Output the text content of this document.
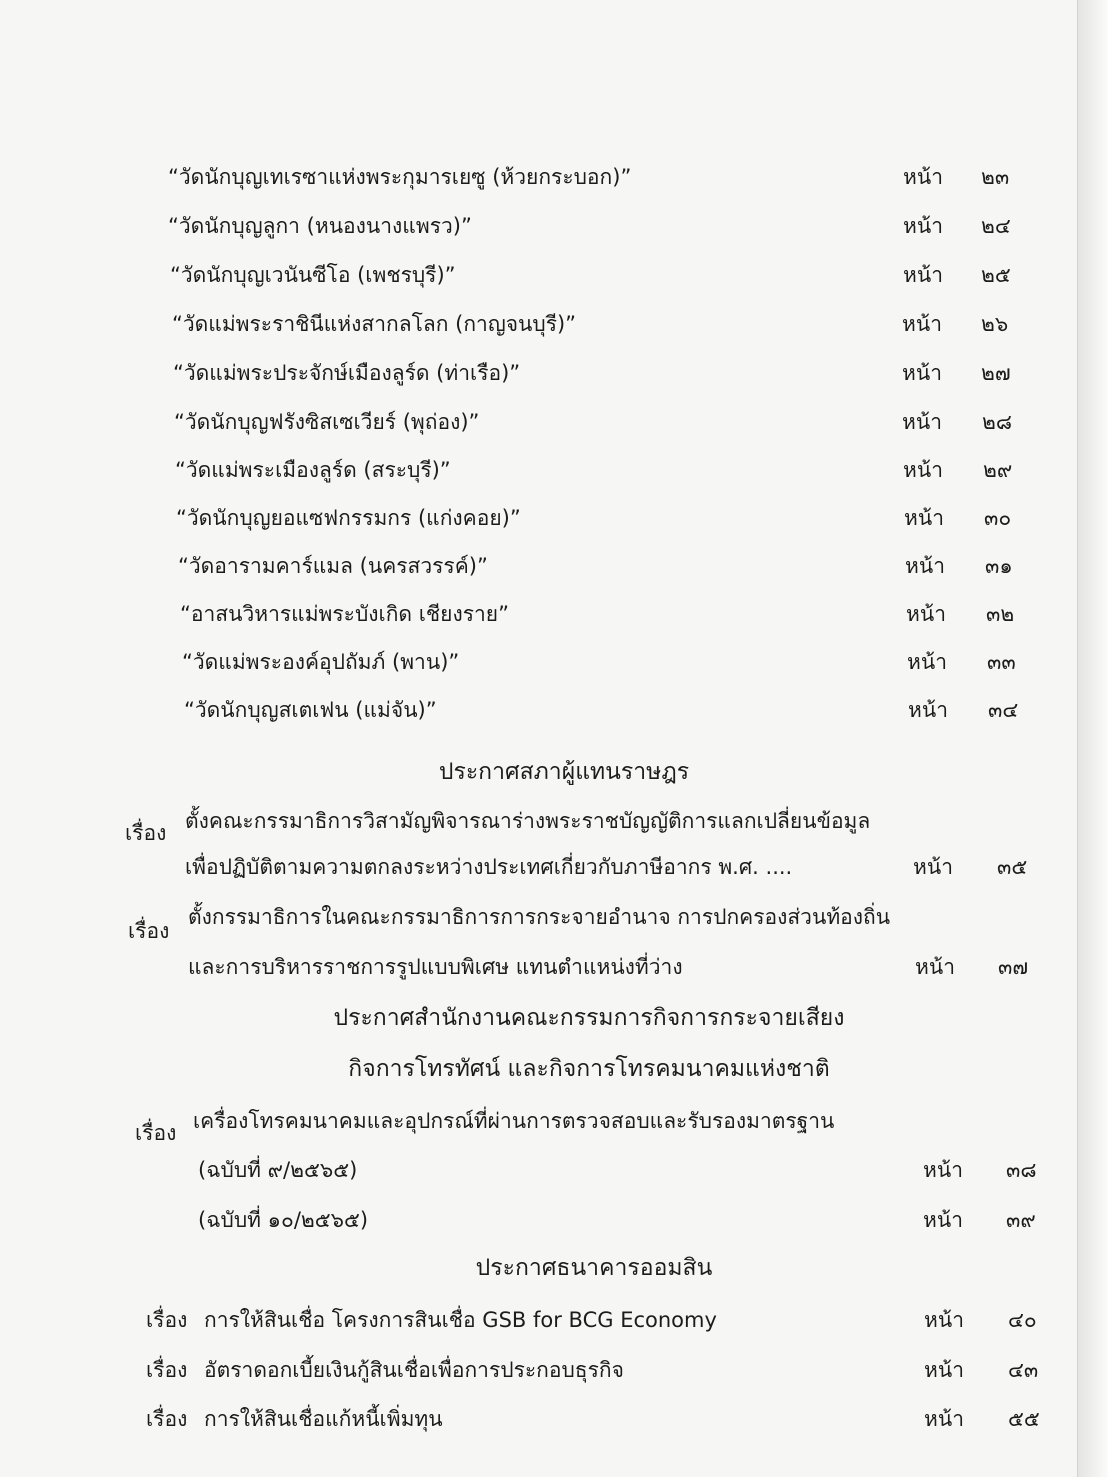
“วัดนักบุญเทเรซาแห่งพระกุมารเยซู (ห้วยกระบอก)”	หน้า ๒๓
“วัดนักบุญลูกา (หนองนางแพรว)”	หน้า ๒๔
“วัดนักบุญเวนันซีโอ (เพชรบุรี)”	หน้า ๒๕
“วัดแม่พระราชินีแห่งสากลโลก (กาญจนบุรี)”	หน้า ๒๖
“วัดแม่พระประจักษ์เมืองลูร์ด (ท่าเรือ)”	หน้า ๒๗
“วัดนักบุญฟรังซิสเซเวียร์ (พุถ่อง)”	หน้า ๒๘
“วัดแม่พระเมืองลูร์ด (สระบุรี)”	หน้า ๒๙
“วัดนักบุญยอแซฟกรรมกร (แก่งคอย)”	หน้า ๓๐
“วัดอารามคาร์แมล (นครสวรรค์)”	หน้า ๓๑
“อาสนวิหารแม่พระบังเกิด เชียงราย”	หน้า ๓๒
“วัดแม่พระองค์อุปถัมภ์ (พาน)”	หน้า ๓๓
“วัดนักบุญสเตเฟน (แม่จัน)”	หน้า ๓๔
ประกาศสภาผู้แทนราษฎร
เรื่อง ตั้งคณะกรรมาธิการวิสามัญพิจารณาร่างพระราชบัญญัติการแลกเปลี่ยนข้อมูล
เพื่อปฏิบัติตามความตกลงระหว่างประเทศเกี่ยวกับภาษีอากร พ.ศ. ....	หน้า ๓๕
เรื่อง
ตั้งกรรมาธิการในคณะกรรมาธิการการกระจายอำนาจ การปกครองส่วนท้องถิ่น
และการบริหารราชการรูปแบบพิเศษ แทนตำแหน่งที่ว่าง	หน้า ๓๗
ประกาศสำนักงานคณะกรรมการกิจการกระจายเสียง
กิจการโทรทัศน์ และกิจการโทรคมนาคมแห่งชาติ
เรื่อง เครื่องโทรคมนาคมและอุปกรณ์ที่ผ่านการตรวจสอบและรับรองมาตรฐาน
(ฉบับที่ ๙/๒๕๖๕)	หน้า ๓๘
(ฉบับที่ ๑๐/๒๕๖๕)	หน้า ๓๙
ประกาศธนาคารออมสิน
เรื่อง การให้สินเชื่อ โครงการสินเชื่อ GSB for BCG Economy	หน้า ๔๐
เรื่อง อัตราดอกเบี้ยเงินกู้สินเชื่อเพื่อการประกอบธุรกิจ	หน้า ๔๓
เรื่อง การให้สินเชื่อแก้หนี้เพิ่มทุน	หน้า ๕๕
